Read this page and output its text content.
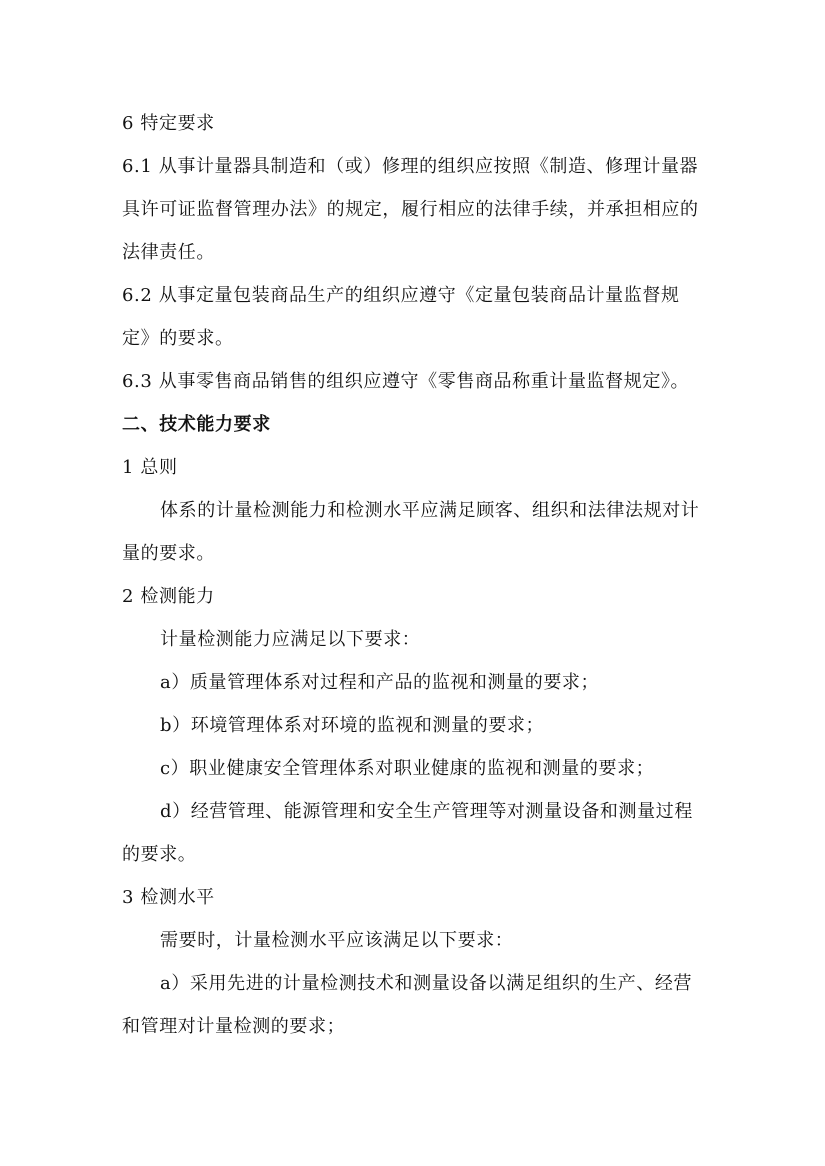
6 特定要求
6.1 从事计量器具制造和（或）修理的组织应按照《制造、修理计量器
具许可证监督管理办法》的规定，履行相应的法律手续，并承担相应的
法律责任。
6.2 从事定量包装商品生产的组织应遵守《定量包装商品计量监督规
定》的要求。
6.3 从事零售商品销售的组织应遵守《零售商品称重计量监督规定》。
二、技术能力要求
1 总则
体系的计量检测能力和检测水平应满足顾客、组织和法律法规对计
量的要求。
2 检测能力
计量检测能力应满足以下要求：
a）质量管理体系对过程和产品的监视和测量的要求；
b）环境管理体系对环境的监视和测量的要求；
c）职业健康安全管理体系对职业健康的监视和测量的要求；
d）经营管理、能源管理和安全生产管理等对测量设备和测量过程
的要求。
3 检测水平
需要时，计量检测水平应该满足以下要求：
a）采用先进的计量检测技术和测量设备以满足组织的生产、经营
和管理对计量检测的要求；
